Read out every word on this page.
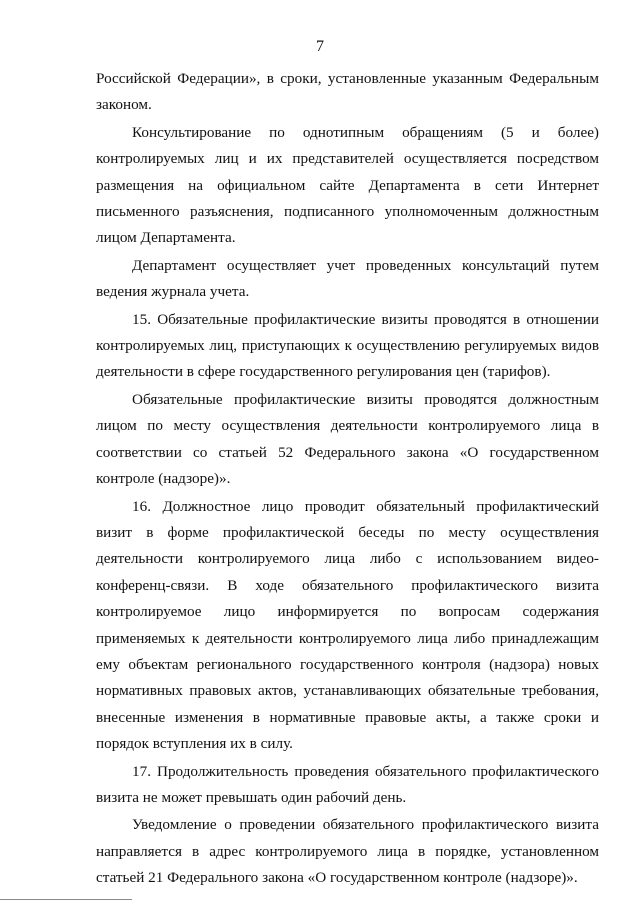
7

Российской Федерации», в сроки, установленные указанным Федеральным законом.

Консультирование по однотипным обращениям (5 и более) контролируемых лиц и их представителей осуществляется посредством размещения на официальном сайте Департамента в сети Интернет письменного разъяснения, подписанного уполномоченным должностным лицом Департамента.

Департамент осуществляет учет проведенных консультаций путем ведения журнала учета.

15. Обязательные профилактические визиты проводятся в отношении контролируемых лиц, приступающих к осуществлению регулируемых видов деятельности в сфере государственного регулирования цен (тарифов).

Обязательные профилактические визиты проводятся должностным лицом по месту осуществления деятельности контролируемого лица в соответствии со статьей 52 Федерального закона «О государственном контроле (надзоре)».

16. Должностное лицо проводит обязательный профилактический визит в форме профилактической беседы по месту осуществления деятельности контролируемого лица либо с использованием видео-конференц-связи. В ходе обязательного профилактического визита контролируемое лицо информируется по вопросам содержания применяемых к деятельности контролируемого лица либо принадлежащим ему объектам регионального государственного контроля (надзора) новых нормативных правовых актов, устанавливающих обязательные требования, внесенные изменения в нормативные правовые акты, а также сроки и порядок вступления их в силу.

17. Продолжительность проведения обязательного профилактического визита не может превышать один рабочий день.

Уведомление о проведении обязательного профилактического визита направляется в адрес контролируемого лица в порядке, установленном статьей 21 Федерального закона «О государственном контроле (надзоре)».
